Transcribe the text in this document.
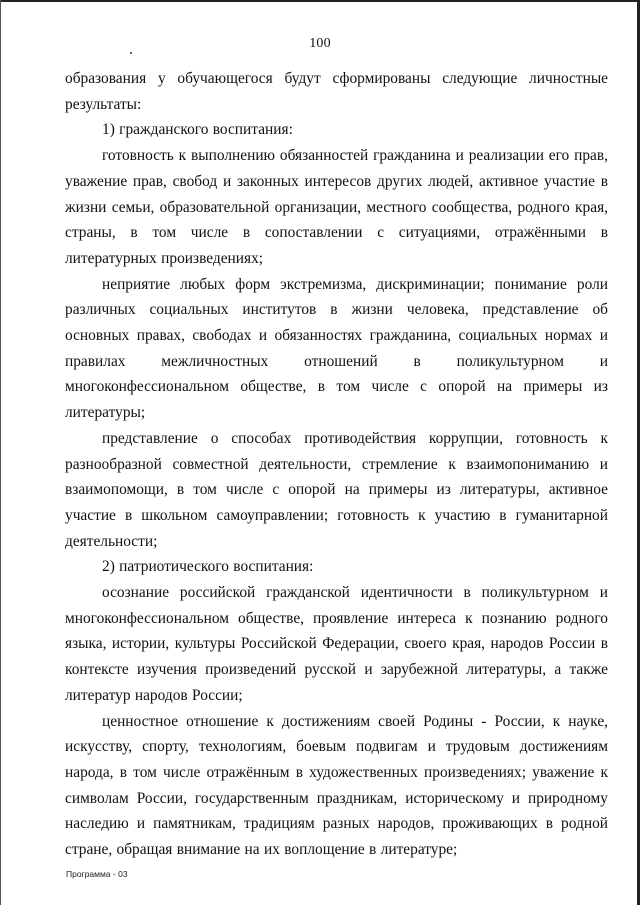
100

образования у обучающегося будут сформированы следующие личностные результаты:

1) гражданского воспитания:

готовность к выполнению обязанностей гражданина и реализации его прав, уважение прав, свобод и законных интересов других людей, активное участие в жизни семьи, образовательной организации, местного сообщества, родного края, страны, в том числе в сопоставлении с ситуациями, отражёнными в литературных произведениях;

неприятие любых форм экстремизма, дискриминации; понимание роли различных социальных институтов в жизни человека, представление об основных правах, свободах и обязанностях гражданина, социальных нормах и правилах межличностных отношений в поликультурном и многоконфессиональном обществе, в том числе с опорой на примеры из литературы;

представление о способах противодействия коррупции, готовность к разнообразной совместной деятельности, стремление к взаимопониманию и взаимопомощи, в том числе с опорой на примеры из литературы, активное участие в школьном самоуправлении; готовность к участию в гуманитарной деятельности;

2) патриотического воспитания:

осознание российской гражданской идентичности в поликультурном и многоконфессиональном обществе, проявление интереса к познанию родного языка, истории, культуры Российской Федерации, своего края, народов России в контексте изучения произведений русской и зарубежной литературы, а также литератур народов России;

ценностное отношение к достижениям своей Родины - России, к науке, искусству, спорту, технологиям, боевым подвигам и трудовым достижениям народа, в том числе отражённым в художественных произведениях; уважение к символам России, государственным праздникам, историческому и природному наследию и памятникам, традициям разных народов, проживающих в родной стране, обращая внимание на их воплощение в литературе;

Программа - 03
